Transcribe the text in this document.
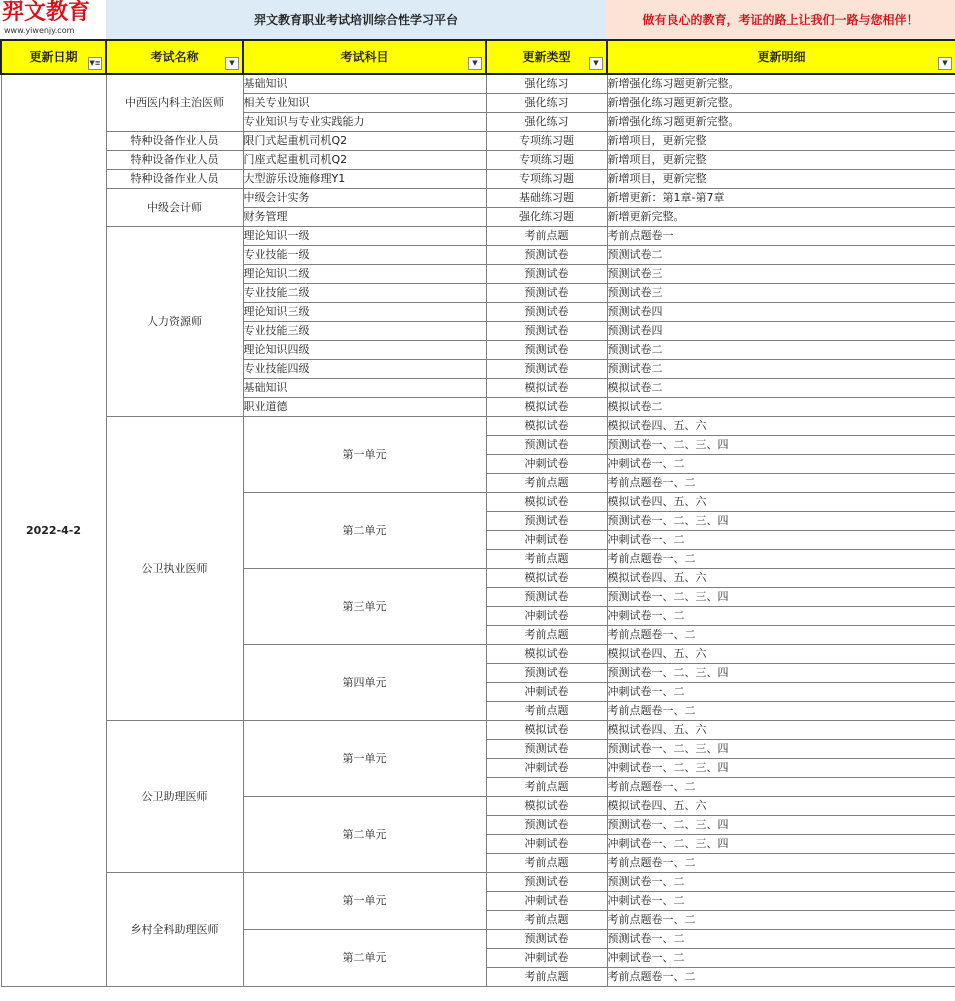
羿文教育
www.yiwenjy.com
羿文教育职业考试培训综合性学习平台	做有良心的教育，考证的路上让我们一路与您相伴！
更新日期 ▼≡	考试名称 ▼	考试科目 ▼	更新类型 ▼	更新明细 ▼

2022-4-2	中西医内科主治医师	基础知识	强化练习	新增强化练习题更新完整。
		相关专业知识	强化练习	新增强化练习题更新完整。
		专业知识与专业实践能力	强化练习	新增强化练习题更新完整。
	特种设备作业人员	限门式起重机司机Q2	专项练习题	新增项目，更新完整
	特种设备作业人员	门座式起重机司机Q2	专项练习题	新增项目，更新完整
	特种设备作业人员	大型游乐设施修理Y1	专项练习题	新增项目，更新完整
	中级会计师	中级会计实务	基础练习题	新增更新：第1章-第7章
		财务管理	强化练习题	新增更新完整。
	人力资源师	理论知识一级	考前点题	考前点题卷一
		专业技能一级	预测试卷	预测试卷二
		理论知识二级	预测试卷	预测试卷三
		专业技能二级	预测试卷	预测试卷三
		理论知识三级	预测试卷	预测试卷四
		专业技能三级	预测试卷	预测试卷四
		理论知识四级	预测试卷	预测试卷二
		专业技能四级	预测试卷	预测试卷二
		基础知识	模拟试卷	模拟试卷二
		职业道德	模拟试卷	模拟试卷二
	公卫执业医师	第一单元	模拟试卷	模拟试卷四、五、六
			预测试卷	预测试卷一、二、三、四
			冲刺试卷	冲刺试卷一、二
			考前点题	考前点题卷一、二
		第二单元	模拟试卷	模拟试卷四、五、六
			预测试卷	预测试卷一、二、三、四
			冲刺试卷	冲刺试卷一、二
			考前点题	考前点题卷一、二
		第三单元	模拟试卷	模拟试卷四、五、六
			预测试卷	预测试卷一、二、三、四
			冲刺试卷	冲刺试卷一、二
			考前点题	考前点题卷一、二
		第四单元	模拟试卷	模拟试卷四、五、六
			预测试卷	预测试卷一、二、三、四
			冲刺试卷	冲刺试卷一、二
			考前点题	考前点题卷一、二
	公卫助理医师	第一单元	模拟试卷	模拟试卷四、五、六
			预测试卷	预测试卷一、二、三、四
			冲刺试卷	冲刺试卷一、二、三、四
			考前点题	考前点题卷一、二
		第二单元	模拟试卷	模拟试卷四、五、六
			预测试卷	预测试卷一、二、三、四
			冲刺试卷	冲刺试卷一、二、三、四
			考前点题	考前点题卷一、二
	乡村全科助理医师	第一单元	预测试卷	预测试卷一、二
			冲刺试卷	冲刺试卷一、二
			考前点题	考前点题卷一、二
		第二单元	预测试卷	预测试卷一、二
			冲刺试卷	冲刺试卷一、二
			考前点题	考前点题卷一、二
